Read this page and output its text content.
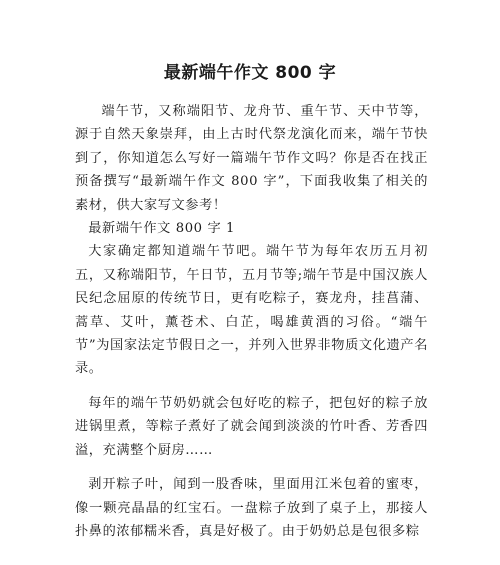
最新端午作文 800 字

端午节，又称端阳节、龙舟节、重午节、天中节等，源于自然天象崇拜，由上古时代祭龙演化而来，端午节快到了，你知道怎么写好一篇端午节作文吗？你是否在找正预备撰写“最新端午作文 800 字”，下面我收集了相关的素材，供大家写文参考！

最新端午作文 800 字 1

大家确定都知道端午节吧。端午节为每年农历五月初五，又称端阳节，午日节，五月节等;端午节是中国汉族人民纪念屈原的传统节日，更有吃粽子，赛龙舟，挂菖蒲、蒿草、艾叶，薰苍术、白芷，喝雄黄酒的习俗。“端午节”为国家法定节假日之一，并列入世界非物质文化遗产名录。

每年的端午节奶奶就会包好吃的粽子，把包好的粽子放进锅里煮，等粽子煮好了就会闻到淡淡的竹叶香、芳香四溢，充满整个厨房……

剥开粽子叶，闻到一股香味，里面用江米包着的蜜枣，像一颗亮晶晶的红宝石。一盘粽子放到了桌子上，那接人扑鼻的浓郁糯米香，真是好极了。由于奶奶总是包很多粽
